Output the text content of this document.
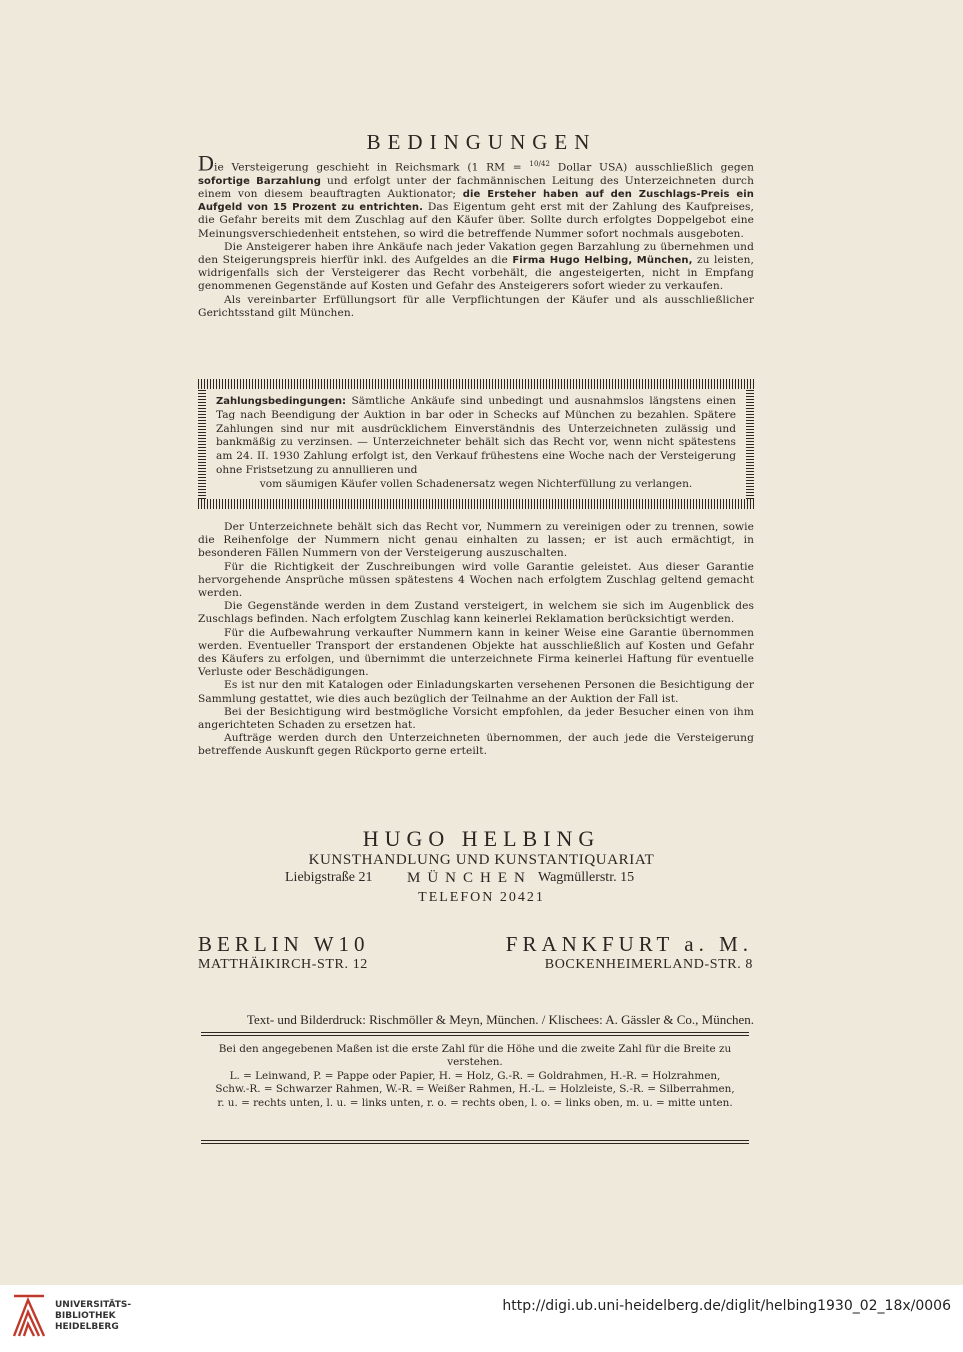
BEDINGUNGEN

Die Versteigerung geschieht in Reichsmark (1 RM = $^{10/42}$ Dollar USA) ausschließlich gegen sofortige Barzahlung und erfolgt unter der fachmännischen Leitung des Unterzeichneten durch einem von diesem beauftragten Auktionator; die Ersteher haben auf den Zuschlags-Preis ein Aufgeld von 15 Prozent zu entrichten. Das Eigentum geht erst mit der Zahlung des Kaufpreises, die Gefahr bereits mit dem Zuschlag auf den Käufer über. Sollte durch erfolgtes Doppelgebot eine Meinungsverschiedenheit entstehen, so wird die betreffende Nummer sofort nochmals ausgeboten.

Die Ansteigerer haben ihre Ankäufe nach jeder Vakation gegen Barzahlung zu übernehmen und den Steigerungspreis hierfür inkl. des Aufgeldes an die Firma Hugo Helbing, München, zu leisten, widrigenfalls sich der Versteigerer das Recht vorbehält, die angesteigerten, nicht in Empfang genommenen Gegenstände auf Kosten und Gefahr des Ansteigerers sofort wieder zu verkaufen.

Als vereinbarter Erfüllungsort für alle Verpflichtungen der Käufer und als ausschließlicher Gerichtsstand gilt München.

Zahlungsbedingungen: Sämtliche Ankäufe sind unbedingt und ausnahmslos längstens einen Tag nach Beendigung der Auktion in bar oder in Schecks auf München zu bezahlen. Spätere Zahlungen sind nur mit ausdrücklichem Einverständnis des Unterzeichneten zulässig und bankmäßig zu verzinsen. — Unterzeichneter behält sich das Recht vor, wenn nicht spätestens am 24. II. 1930 Zahlung erfolgt ist, den Verkauf frühestens eine Woche nach der Versteigerung ohne Fristsetzung zu annullieren und
vom säumigen Käufer vollen Schadenersatz wegen Nichterfüllung zu verlangen.

Der Unterzeichnete behält sich das Recht vor, Nummern zu vereinigen oder zu trennen, sowie die Reihenfolge der Nummern nicht genau einhalten zu lassen; er ist auch ermächtigt, in besonderen Fällen Nummern von der Versteigerung auszuschalten.

Für die Richtigkeit der Zuschreibungen wird volle Garantie geleistet. Aus dieser Garantie hervorgehende Ansprüche müssen spätestens 4 Wochen nach erfolgtem Zuschlag geltend gemacht werden.

Die Gegenstände werden in dem Zustand versteigert, in welchem sie sich im Augenblick des Zuschlags befinden. Nach erfolgtem Zuschlag kann keinerlei Reklamation berücksichtigt werden.

Für die Aufbewahrung verkaufter Nummern kann in keiner Weise eine Garantie übernommen werden. Eventueller Transport der erstandenen Objekte hat ausschließlich auf Kosten und Gefahr des Käufers zu erfolgen, und übernimmt die unterzeichnete Firma keinerlei Haftung für eventuelle Verluste oder Beschädigungen.

Es ist nur den mit Katalogen oder Einladungskarten versehenen Personen die Besichtigung der Sammlung gestattet, wie dies auch bezüglich der Teilnahme an der Auktion der Fall ist.

Bei der Besichtigung wird bestmögliche Vorsicht empfohlen, da jeder Besucher einen von ihm angerichteten Schaden zu ersetzen hat.

Aufträge werden durch den Unterzeichneten übernommen, der auch jede die Versteigerung betreffende Auskunft gegen Rückporto gerne erteilt.

HUGO HELBING
KUNSTHANDLUNG UND KUNSTANTIQUARIAT
Liebigstraße 21 MÜNCHEN Wagmüllerstr. 15
TELEFON 20421
BERLIN W10
MATTHÄIKIRCH-STR. 12
FRANKFURT a. M.
BOCKENHEIMERLAND-STR. 8
Text- und Bilderdruck: Rischmöller & Meyn, München. / Klischees: A. Gässler & Co., München.
Bei den angegebenen Maßen ist die erste Zahl für die Höhe und die zweite Zahl für die Breite zu verstehen.
L. = Leinwand, P. = Pappe oder Papier, H. = Holz, G.-R. = Goldrahmen, H.-R. = Holzrahmen, Schw.-R. = Schwarzer Rahmen, W.-R. = Weißer Rahmen, H.-L. = Holzleiste, S.-R. = Silberrahmen, r. u. = rechts unten, l. u. = links unten, r. o. = rechts oben, l. o. = links oben, m. u. = mitte unten.
UNIVERSITÄTS-
BIBLIOTHEK
HEIDELBERG
http://digi.ub.uni-heidelberg.de/diglit/helbing1930_02_18x/0006
